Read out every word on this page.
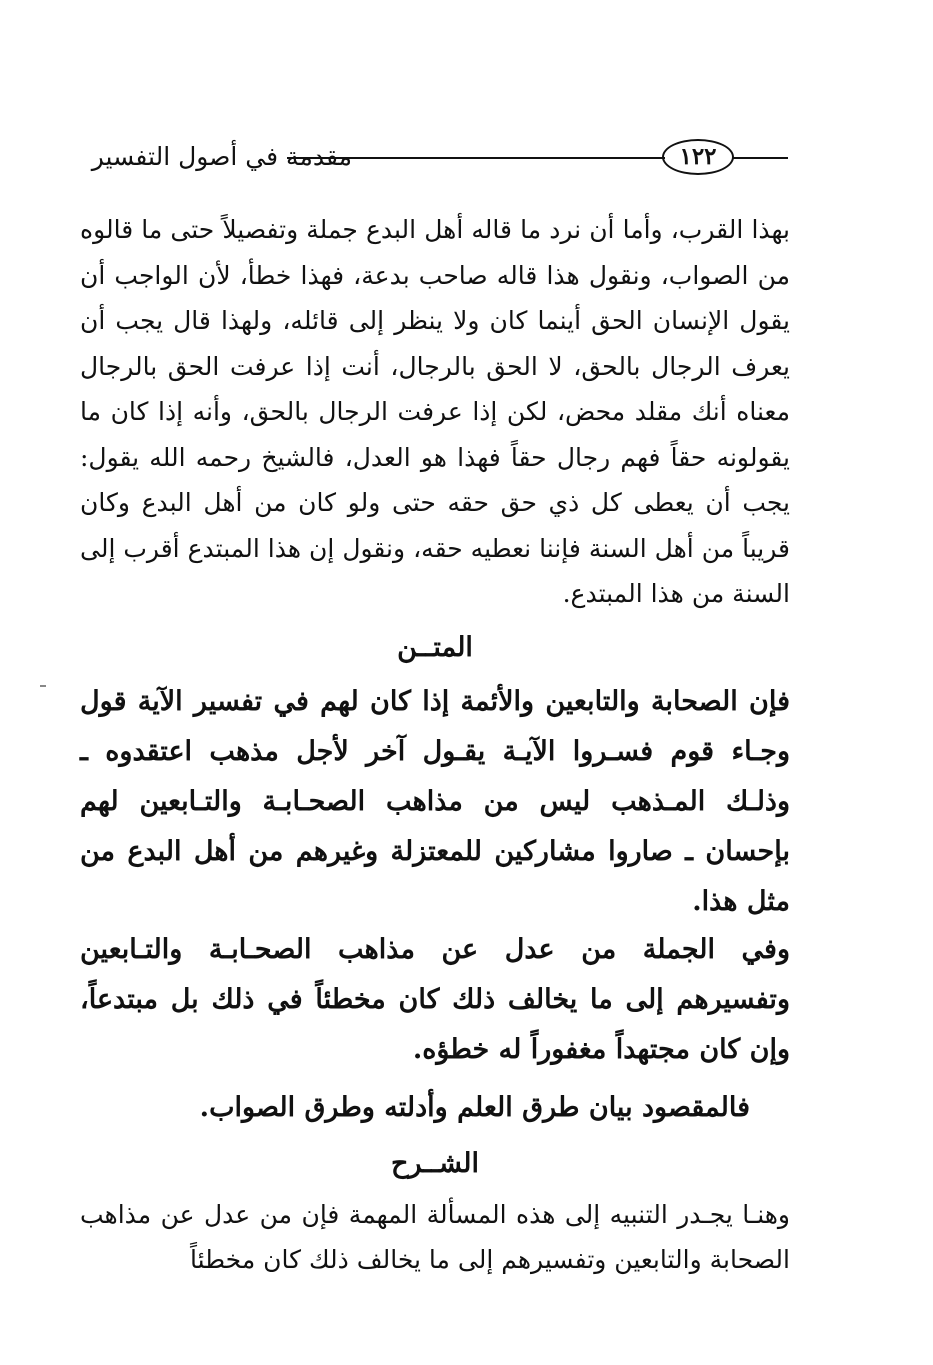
مقدمة في أصول التفسير	١٢٢

بهذا القرب، وأما أن نرد ما قاله أهل البدع جملة وتفصيلاً حتى ما قالوه من الصواب، ونقول هذا قاله صاحب بدعة، فهذا خطأ، لأن الواجب أن يقول الإنسان الحق أينما كان ولا ينظر إلى قائله، ولهذا قال يجب أن يعرف الرجال بالحق، لا الحق بالرجال، أنت إذا عرفت الحق بالرجال معناه أنك مقلد محض، لكن إذا عرفت الرجال بالحق، وأنه إذا كان ما يقولونه حقاً فهم رجال حقاً فهذا هو العدل، فالشيخ رحمه الله يقول: يجب أن يعطى كل ذي حق حقه حتى ولو كان من أهل البدع وكان قريباً من أهل السنة فإننا نعطيه حقه، ونقول إن هذا المبتدع أقرب إلى السنة من هذا المبتدع.

المتــن

فإن الصحابة والتابعين والأئمة إذا كان لهم في تفسير الآية قول وجـاء قوم فسـروا الآيـة يقـول آخر لأجل مذهب اعتقدوه ـ وذلـك المـذهب ليس من مذاهب الصحـابـة والتـابعين لهم بإحسان ـ صاروا مشاركين للمعتزلة وغيرهم من أهل البدع من مثل هذا.

وفي الجملة من عدل عن مذاهب الصحـابـة والتـابعين وتفسيرهم إلى ما يخالف ذلك كان مخطئاً في ذلك بل مبتدعاً، وإن كان مجتهداً مغفوراً له خطؤه.

فالمقصود بيان طرق العلم وأدلته وطرق الصواب.

الشــرح

وهنـا يجـدر التنبيه إلى هذه المسألة المهمة فإن من عدل عن مذاهب الصحابة والتابعين وتفسيرهم إلى ما يخالف ذلك كان مخطئاً
